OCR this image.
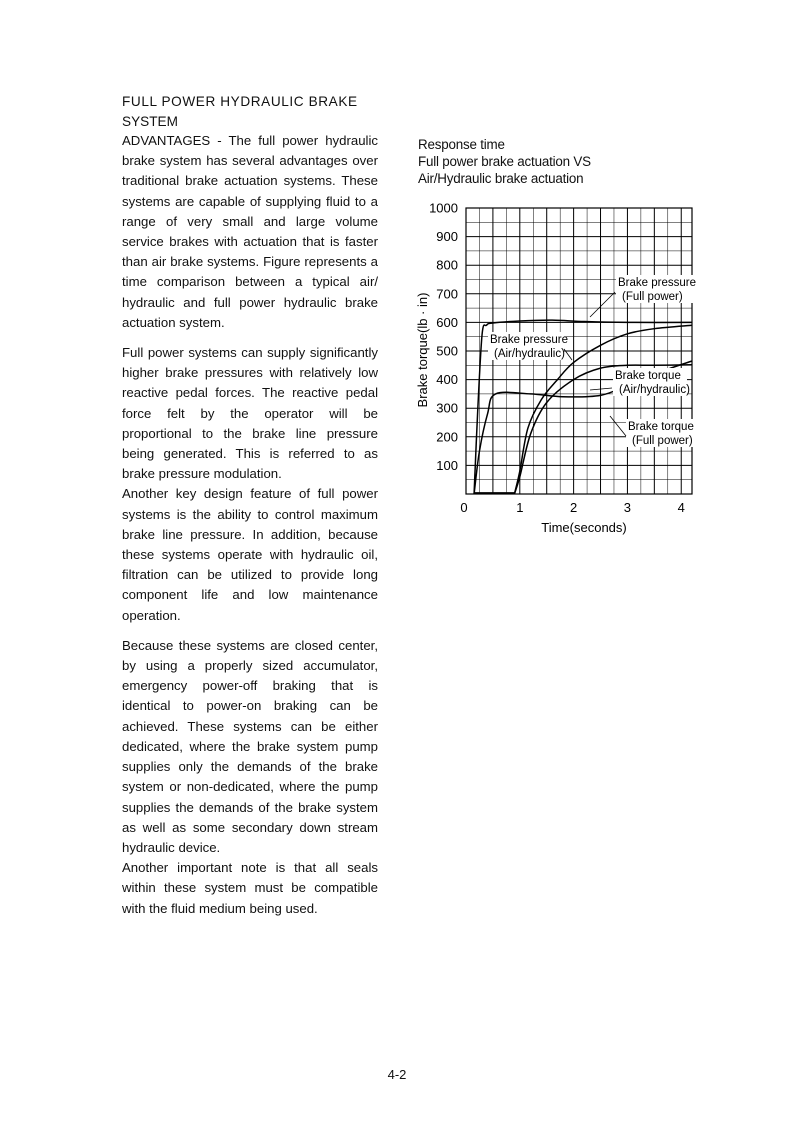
FULL POWER HYDRAULIC BRAKE
SYSTEM

ADVANTAGES - The full power hydraulic brake system has several advantages over traditional brake actuation systems. These systems are capable of supplying fluid to a range of very small and large volume service brakes with actuation that is faster than air brake systems. Figure represents a time comparison between a typical air/ hydraulic and full power hydraulic brake actuation system.

Full power systems can supply significantly higher brake pressures with relatively low reactive pedal forces. The reactive pedal force felt by the operator will be proportional to the brake line pressure being generated. This is referred to as brake pressure modulation.

Another key design feature of full power systems is the ability to control maximum brake line pressure. In addition, because these systems operate with hydraulic oil, filtration can be utilized to provide long component life and low maintenance operation.

Because these systems are closed center, by using a properly sized accumulator, emergency power-off braking that is identical to power-on braking can be achieved. These systems can be either dedicated, where the brake system pump supplies only the demands of the brake system or non-dedicated, where the pump supplies the demands of the brake system as well as some secondary down stream hydraulic device.

Another important note is that all seals within these system must be compatible with the fluid medium being used.

Response time
Full power brake actuation VS
Air/Hydraulic brake actuation
100
200
300
400
500
600
700
800
900
1000
0	1	2	3	4
Brake pressure
(Full power)
Brake pressure
(Air/hydraulic)
Brake torque
(Air/hydraulic)
Brake torque
(Full power)
Time(seconds)
Brake torque(lb · in)
4-2
